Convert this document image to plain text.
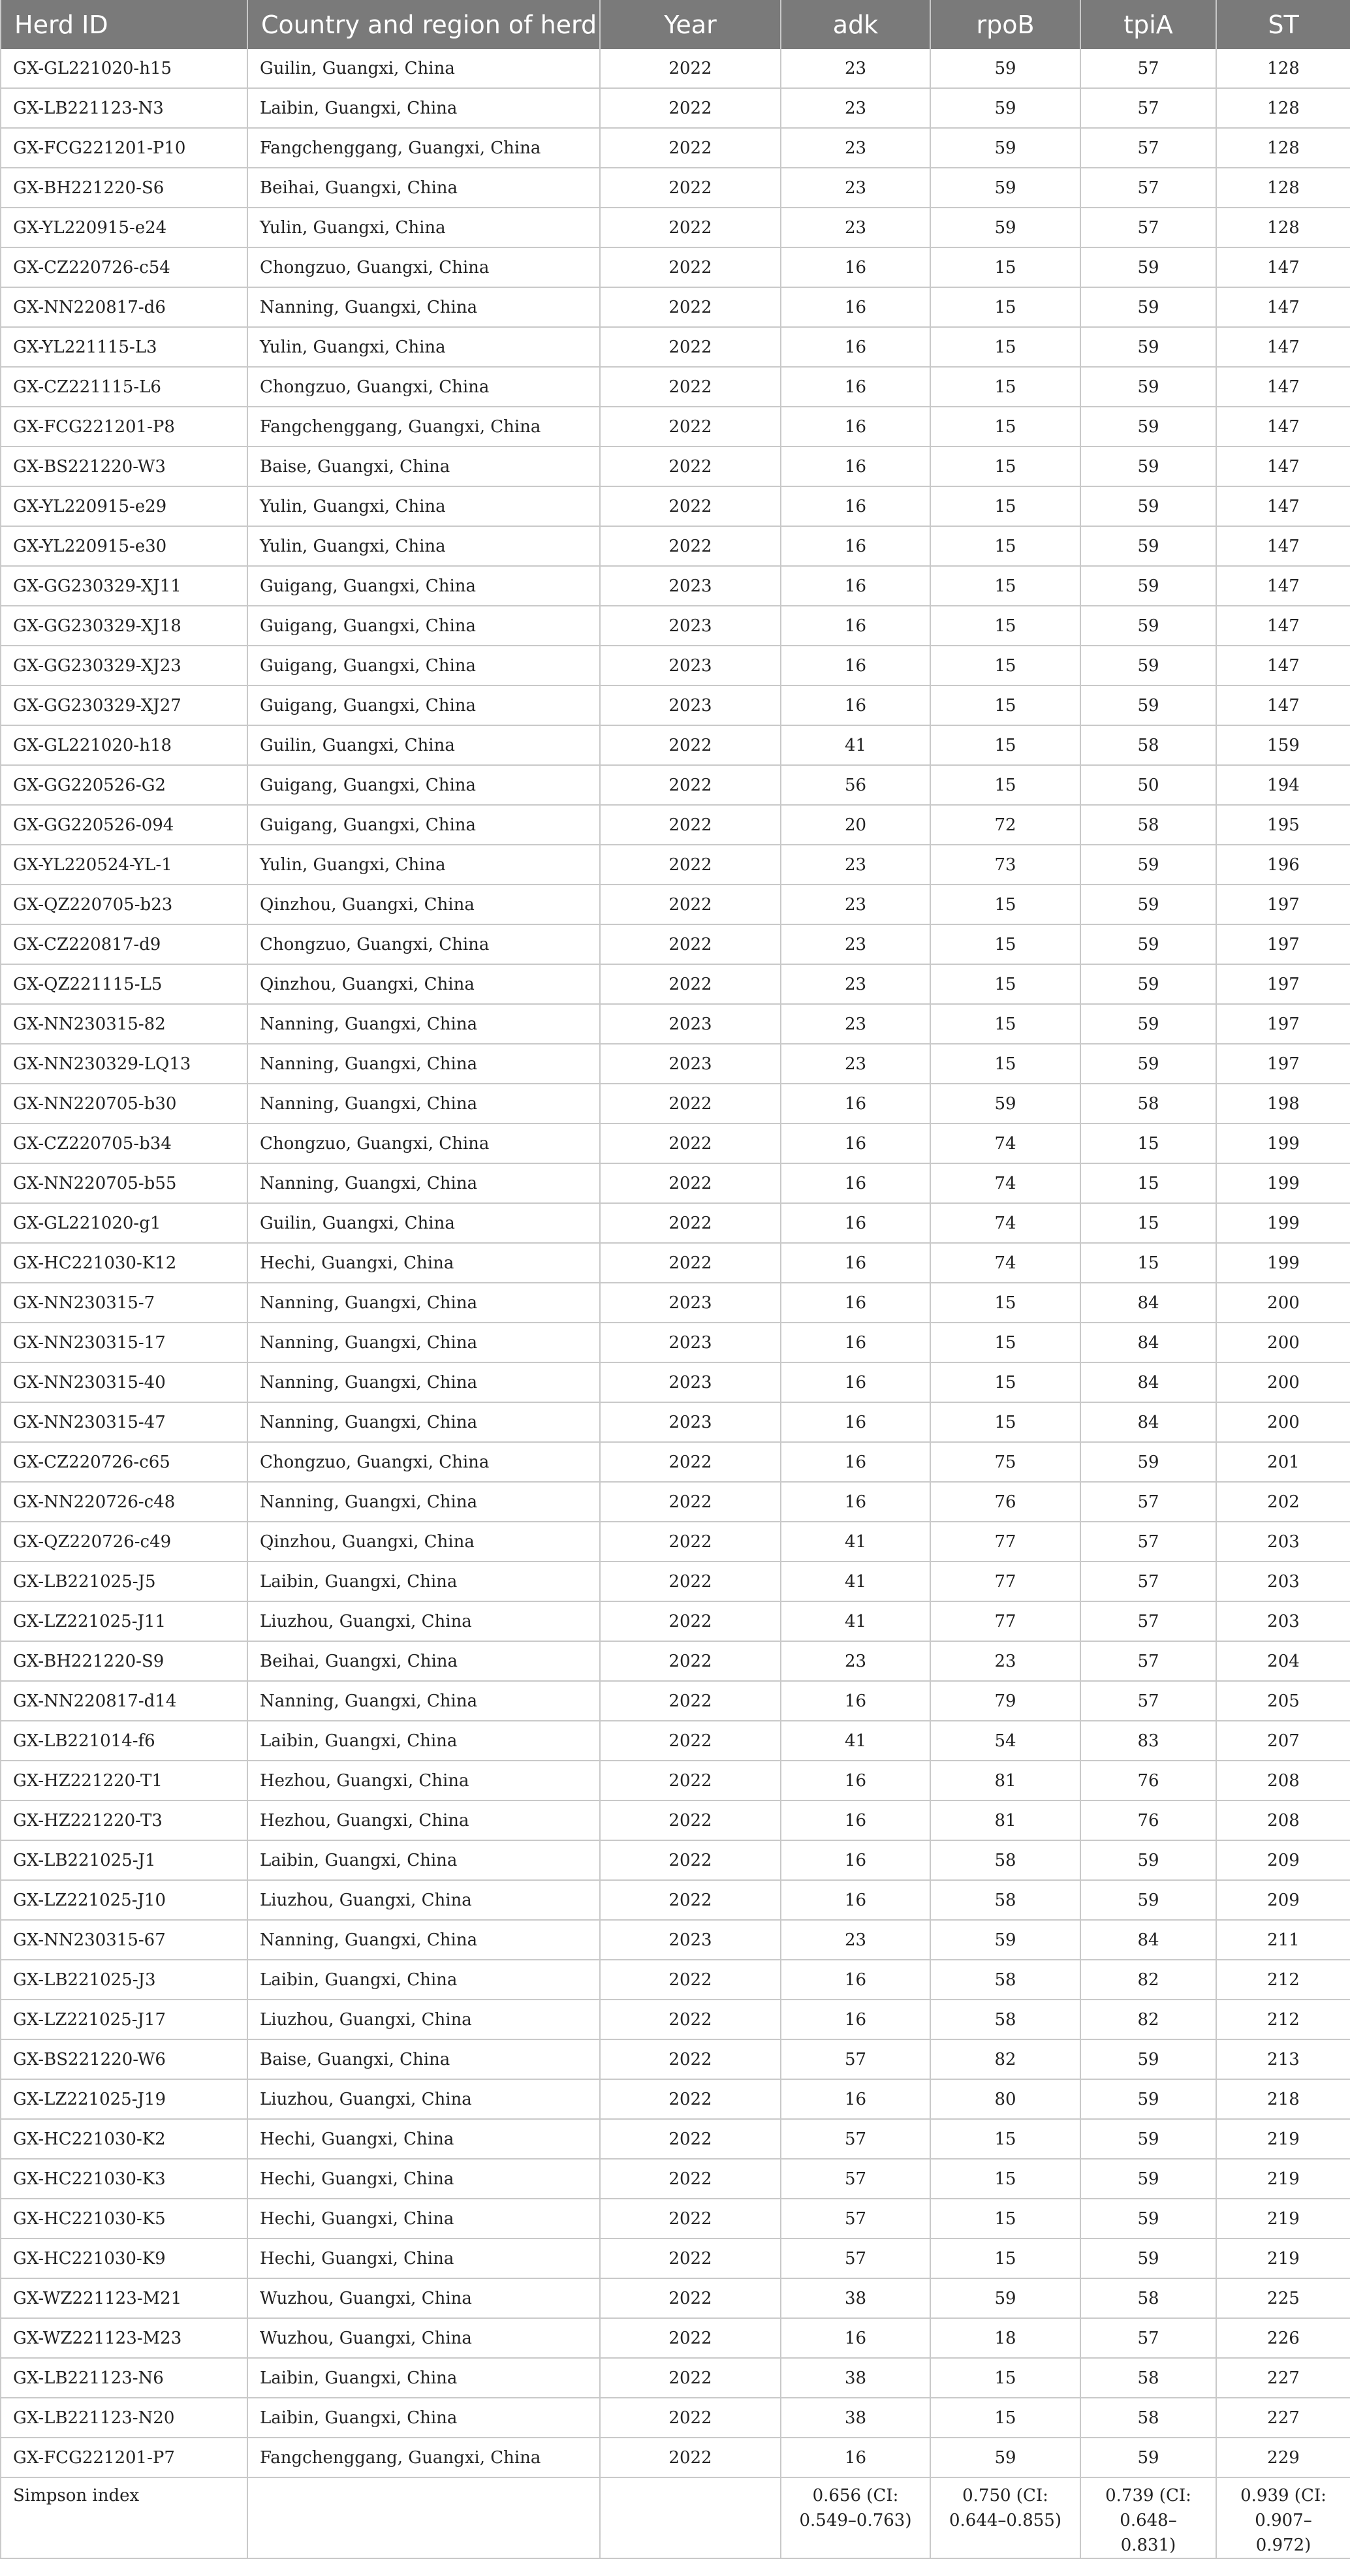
Herd ID	Country and region of herd	Year	adk	rpoB	tpiA	ST
GX-GL221020-h15	Guilin, Guangxi, China	2022	23	59	57	128
GX-LB221123-N3	Laibin, Guangxi, China	2022	23	59	57	128
GX-FCG221201-P10	Fangchenggang, Guangxi, China	2022	23	59	57	128
GX-BH221220-S6	Beihai, Guangxi, China	2022	23	59	57	128
GX-YL220915-e24	Yulin, Guangxi, China	2022	23	59	57	128
GX-CZ220726-c54	Chongzuo, Guangxi, China	2022	16	15	59	147
GX-NN220817-d6	Nanning, Guangxi, China	2022	16	15	59	147
GX-YL221115-L3	Yulin, Guangxi, China	2022	16	15	59	147
GX-CZ221115-L6	Chongzuo, Guangxi, China	2022	16	15	59	147
GX-FCG221201-P8	Fangchenggang, Guangxi, China	2022	16	15	59	147
GX-BS221220-W3	Baise, Guangxi, China	2022	16	15	59	147
GX-YL220915-e29	Yulin, Guangxi, China	2022	16	15	59	147
GX-YL220915-e30	Yulin, Guangxi, China	2022	16	15	59	147
GX-GG230329-XJ11	Guigang, Guangxi, China	2023	16	15	59	147
GX-GG230329-XJ18	Guigang, Guangxi, China	2023	16	15	59	147
GX-GG230329-XJ23	Guigang, Guangxi, China	2023	16	15	59	147
GX-GG230329-XJ27	Guigang, Guangxi, China	2023	16	15	59	147
GX-GL221020-h18	Guilin, Guangxi, China	2022	41	15	58	159
GX-GG220526-G2	Guigang, Guangxi, China	2022	56	15	50	194
GX-GG220526-094	Guigang, Guangxi, China	2022	20	72	58	195
GX-YL220524-YL-1	Yulin, Guangxi, China	2022	23	73	59	196
GX-QZ220705-b23	Qinzhou, Guangxi, China	2022	23	15	59	197
GX-CZ220817-d9	Chongzuo, Guangxi, China	2022	23	15	59	197
GX-QZ221115-L5	Qinzhou, Guangxi, China	2022	23	15	59	197
GX-NN230315-82	Nanning, Guangxi, China	2023	23	15	59	197
GX-NN230329-LQ13	Nanning, Guangxi, China	2023	23	15	59	197
GX-NN220705-b30	Nanning, Guangxi, China	2022	16	59	58	198
GX-CZ220705-b34	Chongzuo, Guangxi, China	2022	16	74	15	199
GX-NN220705-b55	Nanning, Guangxi, China	2022	16	74	15	199
GX-GL221020-g1	Guilin, Guangxi, China	2022	16	74	15	199
GX-HC221030-K12	Hechi, Guangxi, China	2022	16	74	15	199
GX-NN230315-7	Nanning, Guangxi, China	2023	16	15	84	200
GX-NN230315-17	Nanning, Guangxi, China	2023	16	15	84	200
GX-NN230315-40	Nanning, Guangxi, China	2023	16	15	84	200
GX-NN230315-47	Nanning, Guangxi, China	2023	16	15	84	200
GX-CZ220726-c65	Chongzuo, Guangxi, China	2022	16	75	59	201
GX-NN220726-c48	Nanning, Guangxi, China	2022	16	76	57	202
GX-QZ220726-c49	Qinzhou, Guangxi, China	2022	41	77	57	203
GX-LB221025-J5	Laibin, Guangxi, China	2022	41	77	57	203
GX-LZ221025-J11	Liuzhou, Guangxi, China	2022	41	77	57	203
GX-BH221220-S9	Beihai, Guangxi, China	2022	23	23	57	204
GX-NN220817-d14	Nanning, Guangxi, China	2022	16	79	57	205
GX-LB221014-f6	Laibin, Guangxi, China	2022	41	54	83	207
GX-HZ221220-T1	Hezhou, Guangxi, China	2022	16	81	76	208
GX-HZ221220-T3	Hezhou, Guangxi, China	2022	16	81	76	208
GX-LB221025-J1	Laibin, Guangxi, China	2022	16	58	59	209
GX-LZ221025-J10	Liuzhou, Guangxi, China	2022	16	58	59	209
GX-NN230315-67	Nanning, Guangxi, China	2023	23	59	84	211
GX-LB221025-J3	Laibin, Guangxi, China	2022	16	58	82	212
GX-LZ221025-J17	Liuzhou, Guangxi, China	2022	16	58	82	212
GX-BS221220-W6	Baise, Guangxi, China	2022	57	82	59	213
GX-LZ221025-J19	Liuzhou, Guangxi, China	2022	16	80	59	218
GX-HC221030-K2	Hechi, Guangxi, China	2022	57	15	59	219
GX-HC221030-K3	Hechi, Guangxi, China	2022	57	15	59	219
GX-HC221030-K5	Hechi, Guangxi, China	2022	57	15	59	219
GX-HC221030-K9	Hechi, Guangxi, China	2022	57	15	59	219
GX-WZ221123-M21	Wuzhou, Guangxi, China	2022	38	59	58	225
GX-WZ221123-M23	Wuzhou, Guangxi, China	2022	16	18	57	226
GX-LB221123-N6	Laibin, Guangxi, China	2022	38	15	58	227
GX-LB221123-N20	Laibin, Guangxi, China	2022	38	15	58	227
GX-FCG221201-P7	Fangchenggang, Guangxi, China	2022	16	59	59	229
Simpson index			0.656 (CI: 0.549–0.763)	0.750 (CI: 0.644–0.855)	0.739 (CI: 0.648–0.831)	0.939 (CI: 0.907–0.972)
